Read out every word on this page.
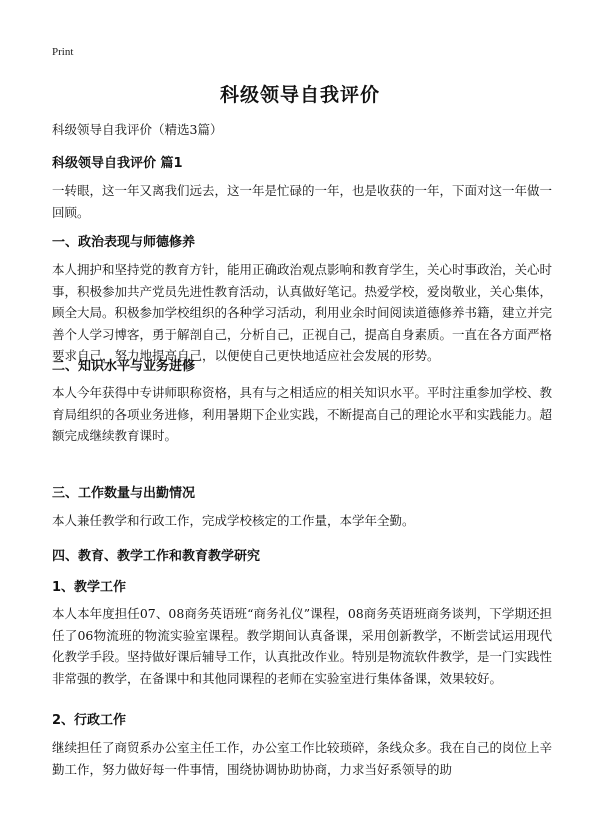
Print
科级领导自我评价
科级领导自我评价（精选3篇）
科级领导自我评价 篇1
一转眼，这一年又离我们远去，这一年是忙碌的一年，也是收获的一年，下面对这一年做一回顾。
一、政治表现与师德修养
本人拥护和坚持党的教育方针，能用正确政治观点影响和教育学生，关心时事政治，关心时事，积极参加共产党员先进性教育活动，认真做好笔记。热爱学校，爱岗敬业，关心集体，顾全大局。积极参加学校组织的各种学习活动，利用业余时间阅读道德修养书籍，建立并完善个人学习博客，勇于解剖自己，分析自己，正视自己，提高自身素质。一直在各方面严格要求自己，努力地提高自己，以便使自己更快地适应社会发展的形势。
二、知识水平与业务进修
本人今年获得中专讲师职称资格，具有与之相适应的相关知识水平。平时注重参加学校、教育局组织的各项业务进修，利用暑期下企业实践，不断提高自己的理论水平和实践能力。超额完成继续教育课时。
三、工作数量与出勤情况
本人兼任教学和行政工作，完成学校核定的工作量，本学年全勤。
四、教育、教学工作和教育教学研究
1、教学工作
本人本年度担任07、08商务英语班“商务礼仪”课程，08商务英语班商务谈判，下学期还担任了06物流班的物流实验室课程。教学期间认真备课，采用创新教学，不断尝试运用现代化教学手段。坚持做好课后辅导工作，认真批改作业。特别是物流软件教学，是一门实践性非常强的教学，在备课中和其他同课程的老师在实验室进行集体备课，效果较好。
2、行政工作
继续担任了商贸系办公室主任工作，办公室工作比较琐碎，条线众多。我在自己的岗位上辛勤工作，努力做好每一件事情，围绕协调协助协商，力求当好系领导的助
